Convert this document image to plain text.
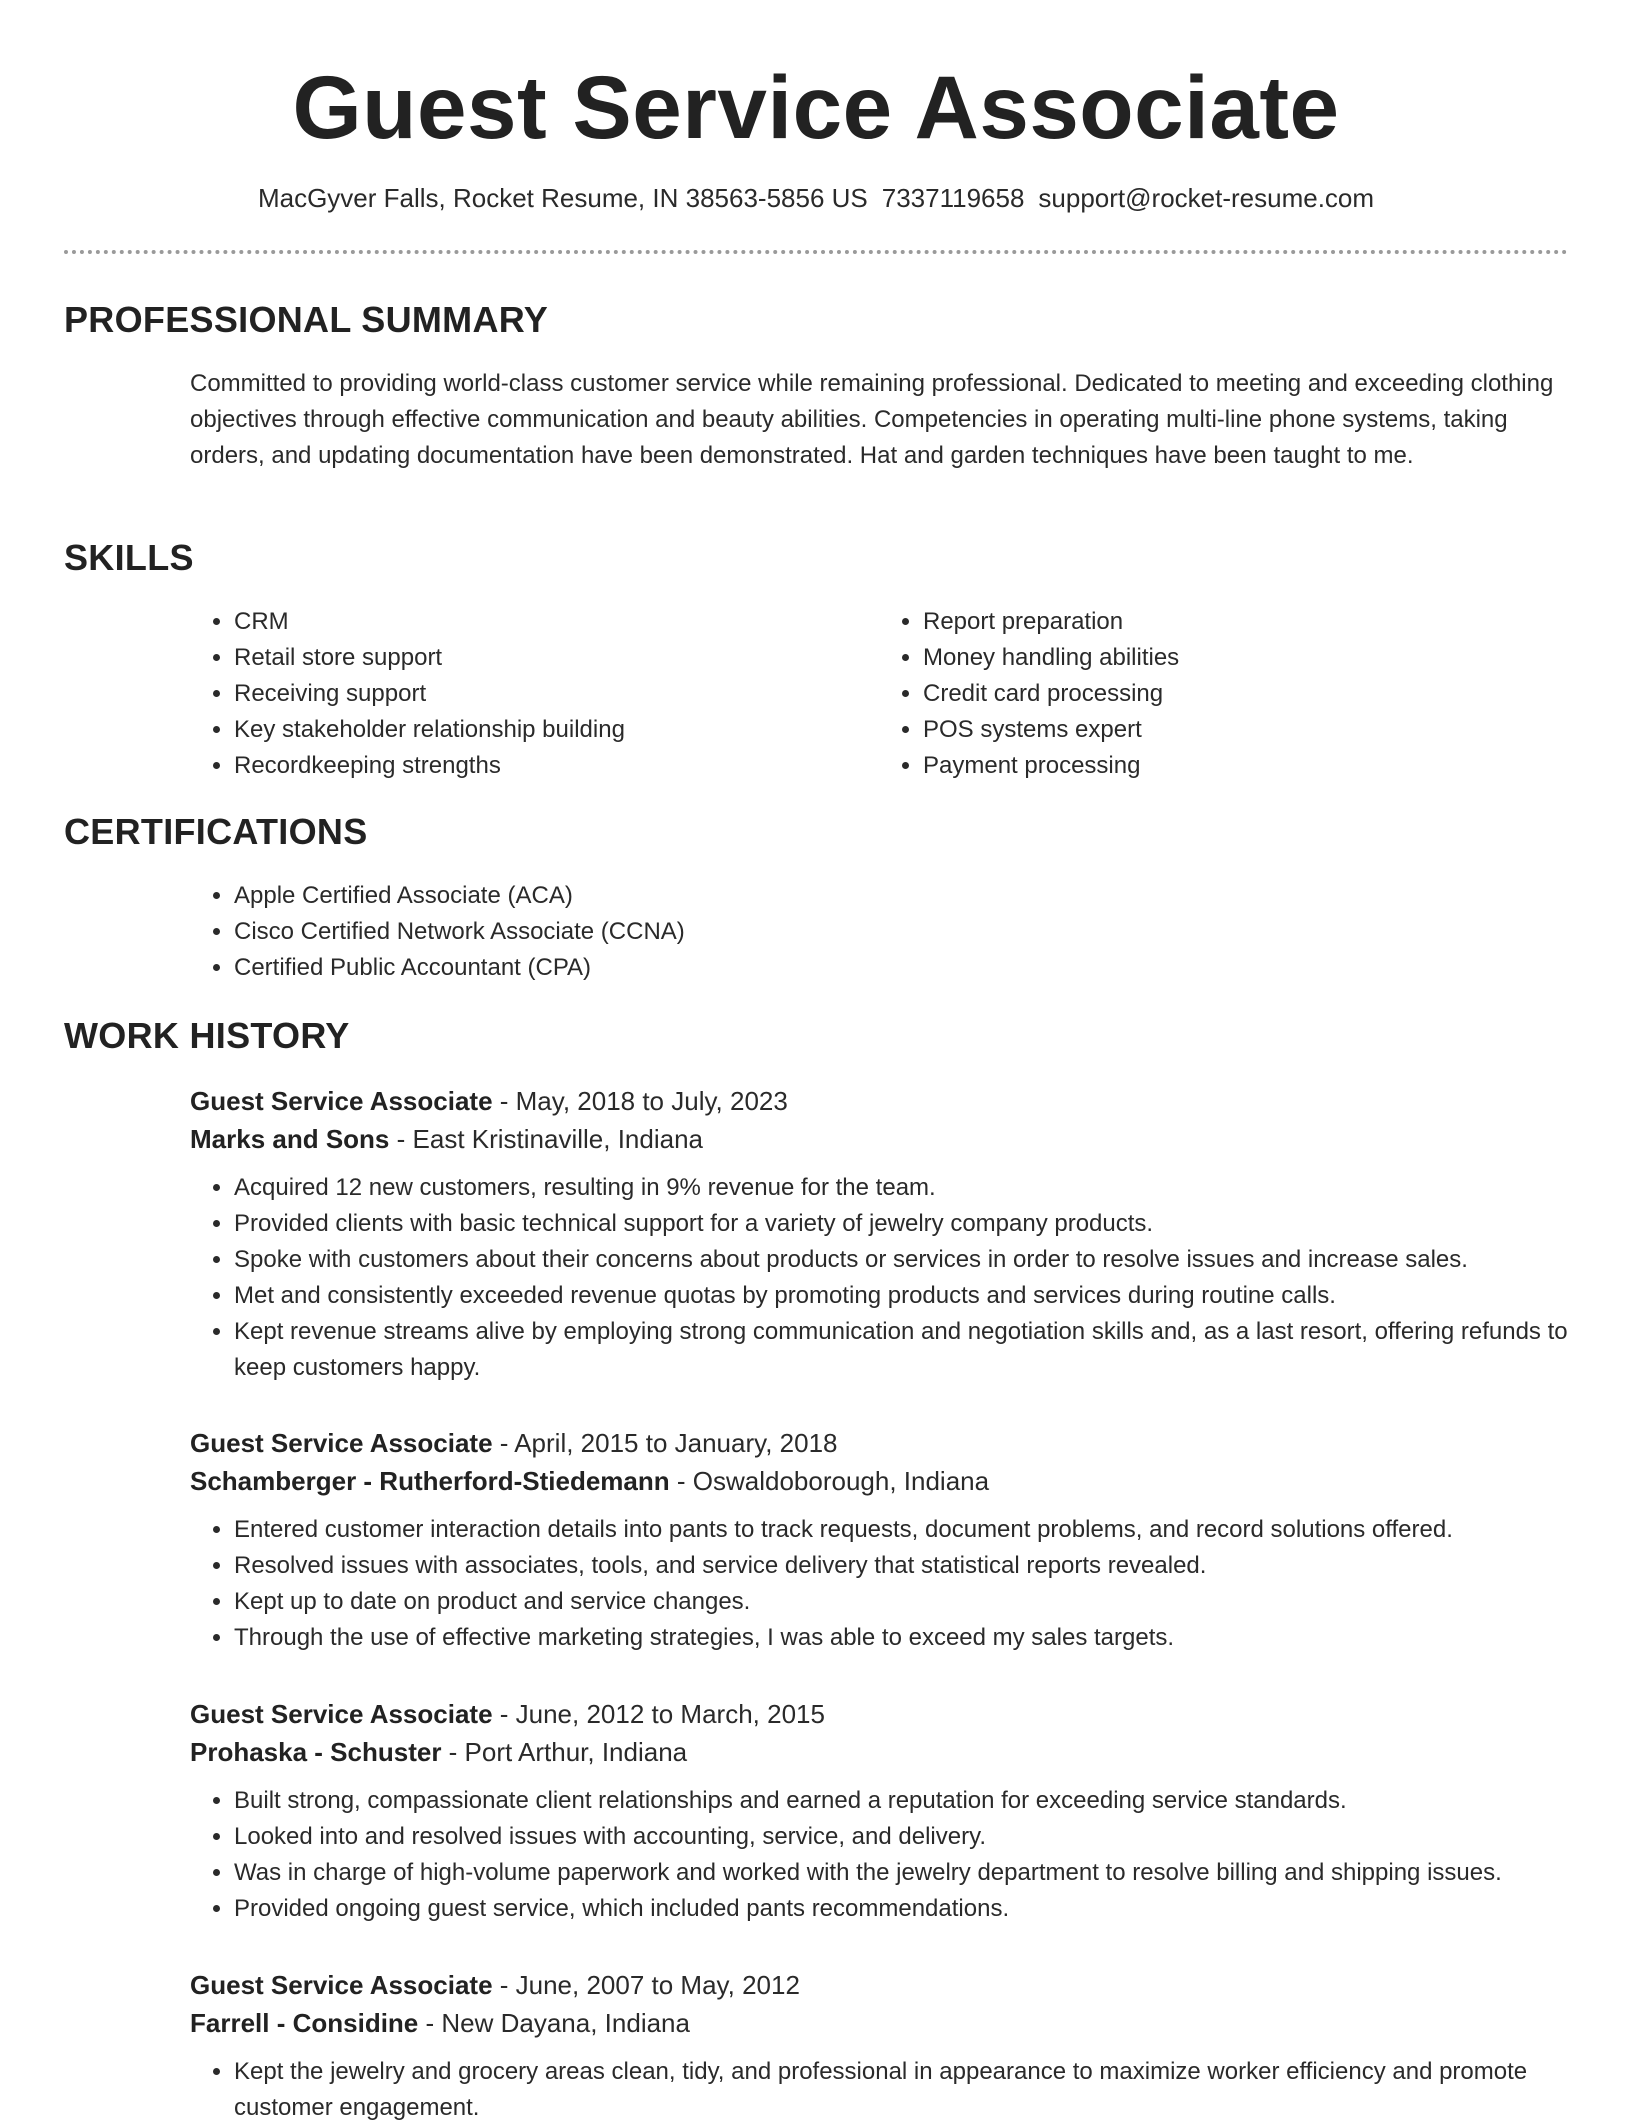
Guest Service Associate
MacGyver Falls, Rocket Resume, IN 38563-5856 US 7337119658 support@rocket-resume.com
PROFESSIONAL SUMMARY

Committed to providing world-class customer service while remaining professional. Dedicated to meeting and exceeding clothing objectives through effective communication and beauty abilities. Competencies in operating multi-line phone systems, taking orders, and updating documentation have been demonstrated. Hat and garden techniques have been taught to me.

SKILLS
• CRM
• Retail store support
• Receiving support
• Key stakeholder relationship building
• Recordkeeping strengths
• Report preparation
• Money handling abilities
• Credit card processing
• POS systems expert
• Payment processing
CERTIFICATIONS
• Apple Certified Associate (ACA)
• Cisco Certified Network Associate (CCNA)
• Certified Public Accountant (CPA)
WORK HISTORY
Guest Service Associate - May, 2018 to July, 2023
Marks and Sons - East Kristinaville, Indiana
• Acquired 12 new customers, resulting in 9% revenue for the team.
• Provided clients with basic technical support for a variety of jewelry company products.
• Spoke with customers about their concerns about products or services in order to resolve issues and increase sales.
• Met and consistently exceeded revenue quotas by promoting products and services during routine calls.
• Kept revenue streams alive by employing strong communication and negotiation skills and, as a last resort, offering refunds to keep customers happy.
Guest Service Associate - April, 2015 to January, 2018
Schamberger - Rutherford-Stiedemann - Oswaldoborough, Indiana
• Entered customer interaction details into pants to track requests, document problems, and record solutions offered.
• Resolved issues with associates, tools, and service delivery that statistical reports revealed.
• Kept up to date on product and service changes.
• Through the use of effective marketing strategies, I was able to exceed my sales targets.
Guest Service Associate - June, 2012 to March, 2015
Prohaska - Schuster - Port Arthur, Indiana
• Built strong, compassionate client relationships and earned a reputation for exceeding service standards.
• Looked into and resolved issues with accounting, service, and delivery.
• Was in charge of high-volume paperwork and worked with the jewelry department to resolve billing and shipping issues.
• Provided ongoing guest service, which included pants recommendations.
Guest Service Associate - June, 2007 to May, 2012
Farrell - Considine - New Dayana, Indiana
• Kept the jewelry and grocery areas clean, tidy, and professional in appearance to maximize worker efficiency and promote customer engagement.
